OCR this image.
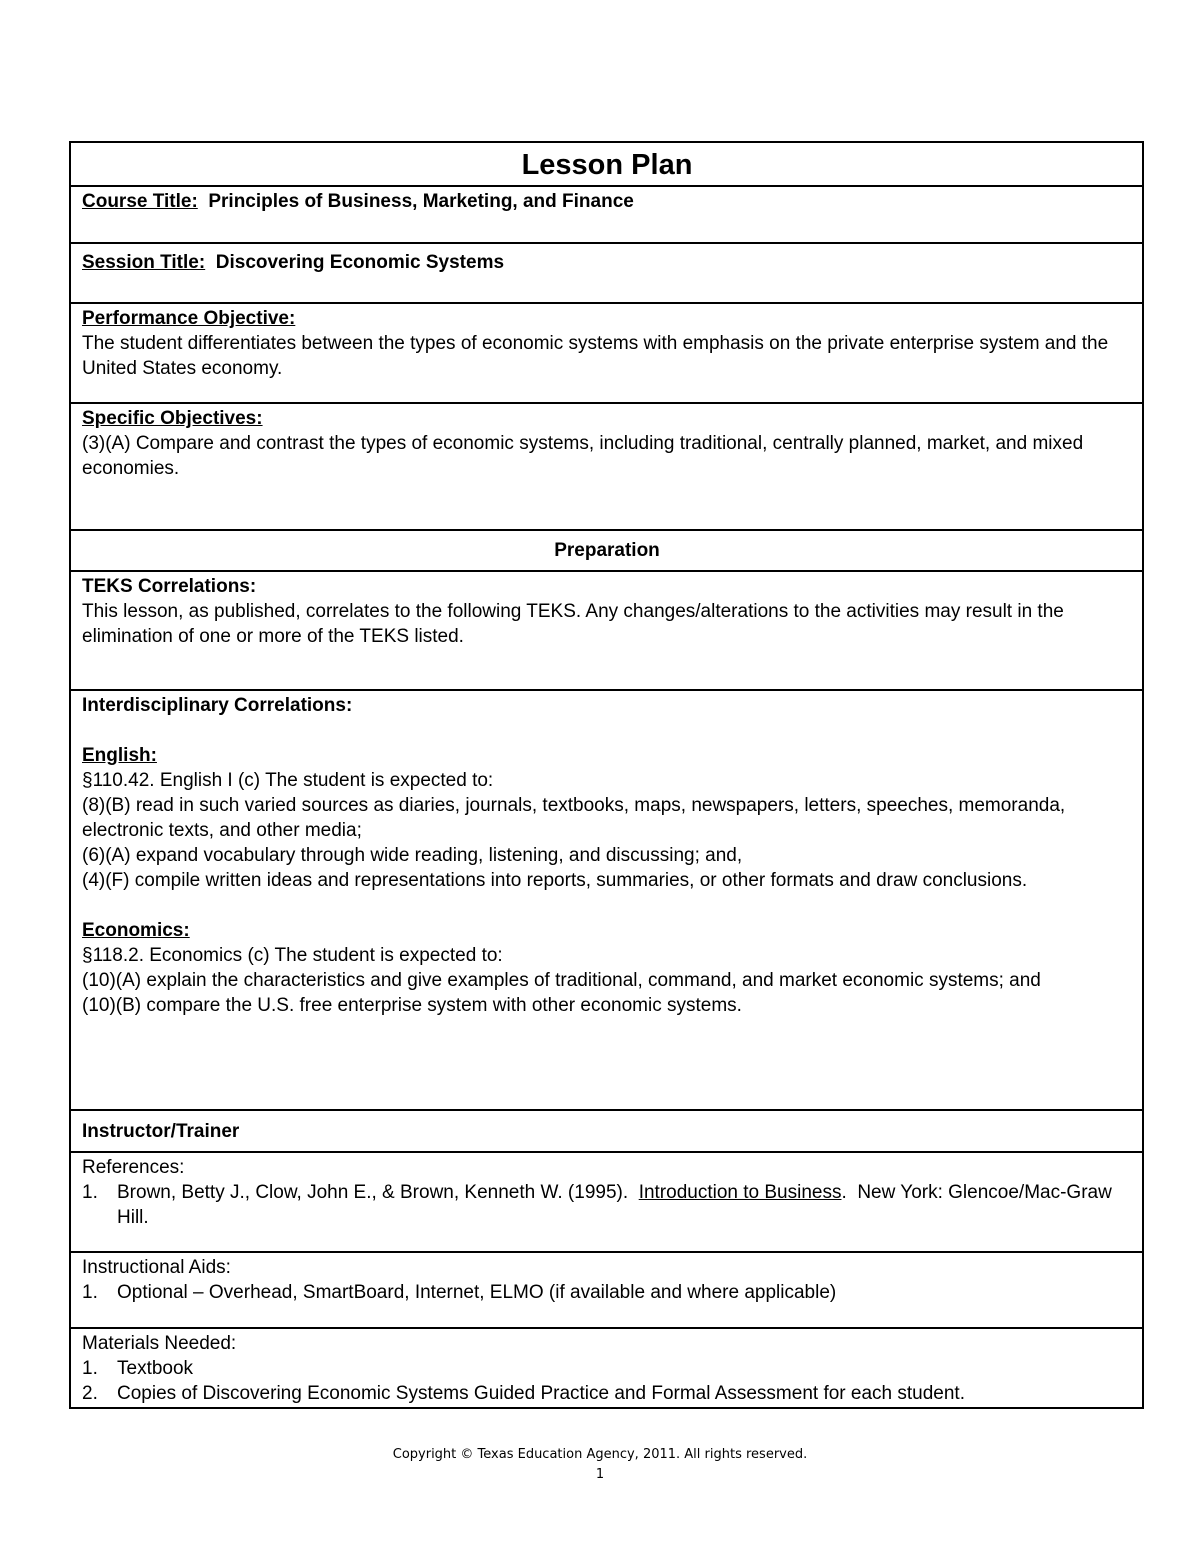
Lesson Plan
Course Title: Principles of Business, Marketing, and Finance
Session Title: Discovering Economic Systems
Performance Objective:
The student differentiates between the types of economic systems with emphasis on the private enterprise system and the United States economy.
Specific Objectives:
(3)(A) Compare and contrast the types of economic systems, including traditional, centrally planned, market, and mixed economies.
Preparation
TEKS Correlations:
This lesson, as published, correlates to the following TEKS. Any changes/alterations to the activities may result in the elimination of one or more of the TEKS listed.
Interdisciplinary Correlations:
English:
§110.42. English I (c) The student is expected to:
(8)(B) read in such varied sources as diaries, journals, textbooks, maps, newspapers, letters, speeches, memoranda, electronic texts, and other media;
(6)(A) expand vocabulary through wide reading, listening, and discussing; and,
(4)(F) compile written ideas and representations into reports, summaries, or other formats and draw conclusions.
Economics:
§118.2. Economics (c) The student is expected to:
(10)(A) explain the characteristics and give examples of traditional, command, and market economic systems; and
(10)(B) compare the U.S. free enterprise system with other economic systems.
Instructor/Trainer
References:
1.	Brown, Betty J., Clow, John E., & Brown, Kenneth W. (1995).  Introduction to Business.  New York: Glencoe/Mac-Graw Hill.
Instructional Aids:
1.	Optional – Overhead, SmartBoard, Internet, ELMO (if available and where applicable)
Materials Needed:
1.	Textbook
2.	Copies of Discovering Economic Systems Guided Practice and Formal Assessment for each student.
Copyright © Texas Education Agency, 2011. All rights reserved.
1
